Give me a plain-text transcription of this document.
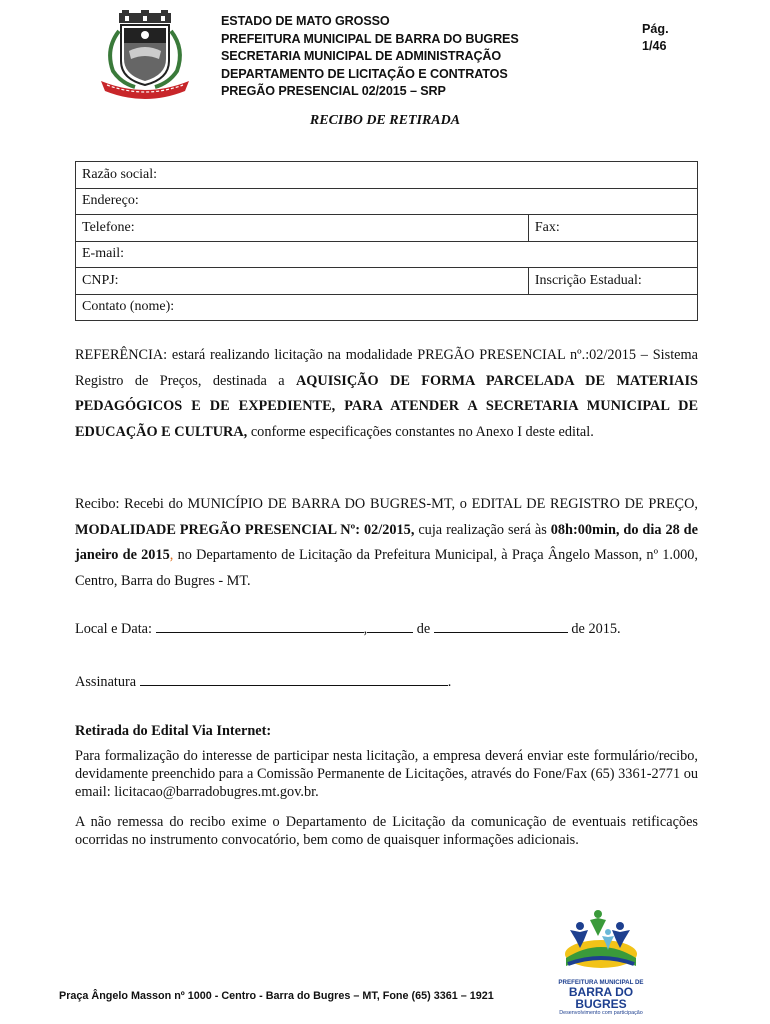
ESTADO DE MATO GROSSO
PREFEITURA MUNICIPAL DE BARRA DO BUGRES
SECRETARIA MUNICIPAL DE ADMINISTRAÇÃO
DEPARTAMENTO DE LICITAÇÃO E CONTRATOS
PREGÃO PRESENCIAL 02/2015 – SRP
Pág.
1/46
RECIBO DE RETIRADA
Razão social:	
Endereço:	
Telefone:	Fax:
E-mail:	
CNPJ:	Inscrição Estadual:
Contato (nome):	
REFERÊNCIA: estará realizando licitação na modalidade PREGÃO PRESENCIAL nº.:02/2015 – Sistema Registro de Preços, destinada a AQUISIÇÃO DE FORMA PARCELADA DE MATERIAIS PEDAGÓGICOS E DE EXPEDIENTE, PARA ATENDER A SECRETARIA MUNICIPAL DE EDUCAÇÃO E CULTURA, conforme especificações constantes no Anexo I deste edital.
Recibo: Recebi do MUNICÍPIO DE BARRA DO BUGRES-MT, o EDITAL DE REGISTRO DE PREÇO, MODALIDADE PREGÃO PRESENCIAL Nº: 02/2015, cuja realização será às 08h:00min, do dia 28 de janeiro de 2015, no Departamento de Licitação da Prefeitura Municipal, à Praça Ângelo Masson, nº 1.000, Centro, Barra do Bugres - MT.
Local e Data:	,	de	de 2015.
Assinatura	.
Retirada do Edital Via Internet:
Para formalização do interesse de participar nesta licitação, a empresa deverá enviar este formulário/recibo, devidamente preenchido para a Comissão Permanente de Licitações, através do Fone/Fax (65) 3361-2771 ou email: licitacao@barradobugres.mt.gov.br.
A não remessa do recibo exime o Departamento de Licitação da comunicação de eventuais retificações ocorridas no instrumento convocatório, bem como de quaisquer informações adicionais.
PREFEITURA MUNICIPAL DE
BARRA DO BUGRES
Desenvolvimento com participação
Praça Ângelo Masson nº 1000 - Centro - Barra do Bugres – MT, Fone (65) 3361 – 1921
